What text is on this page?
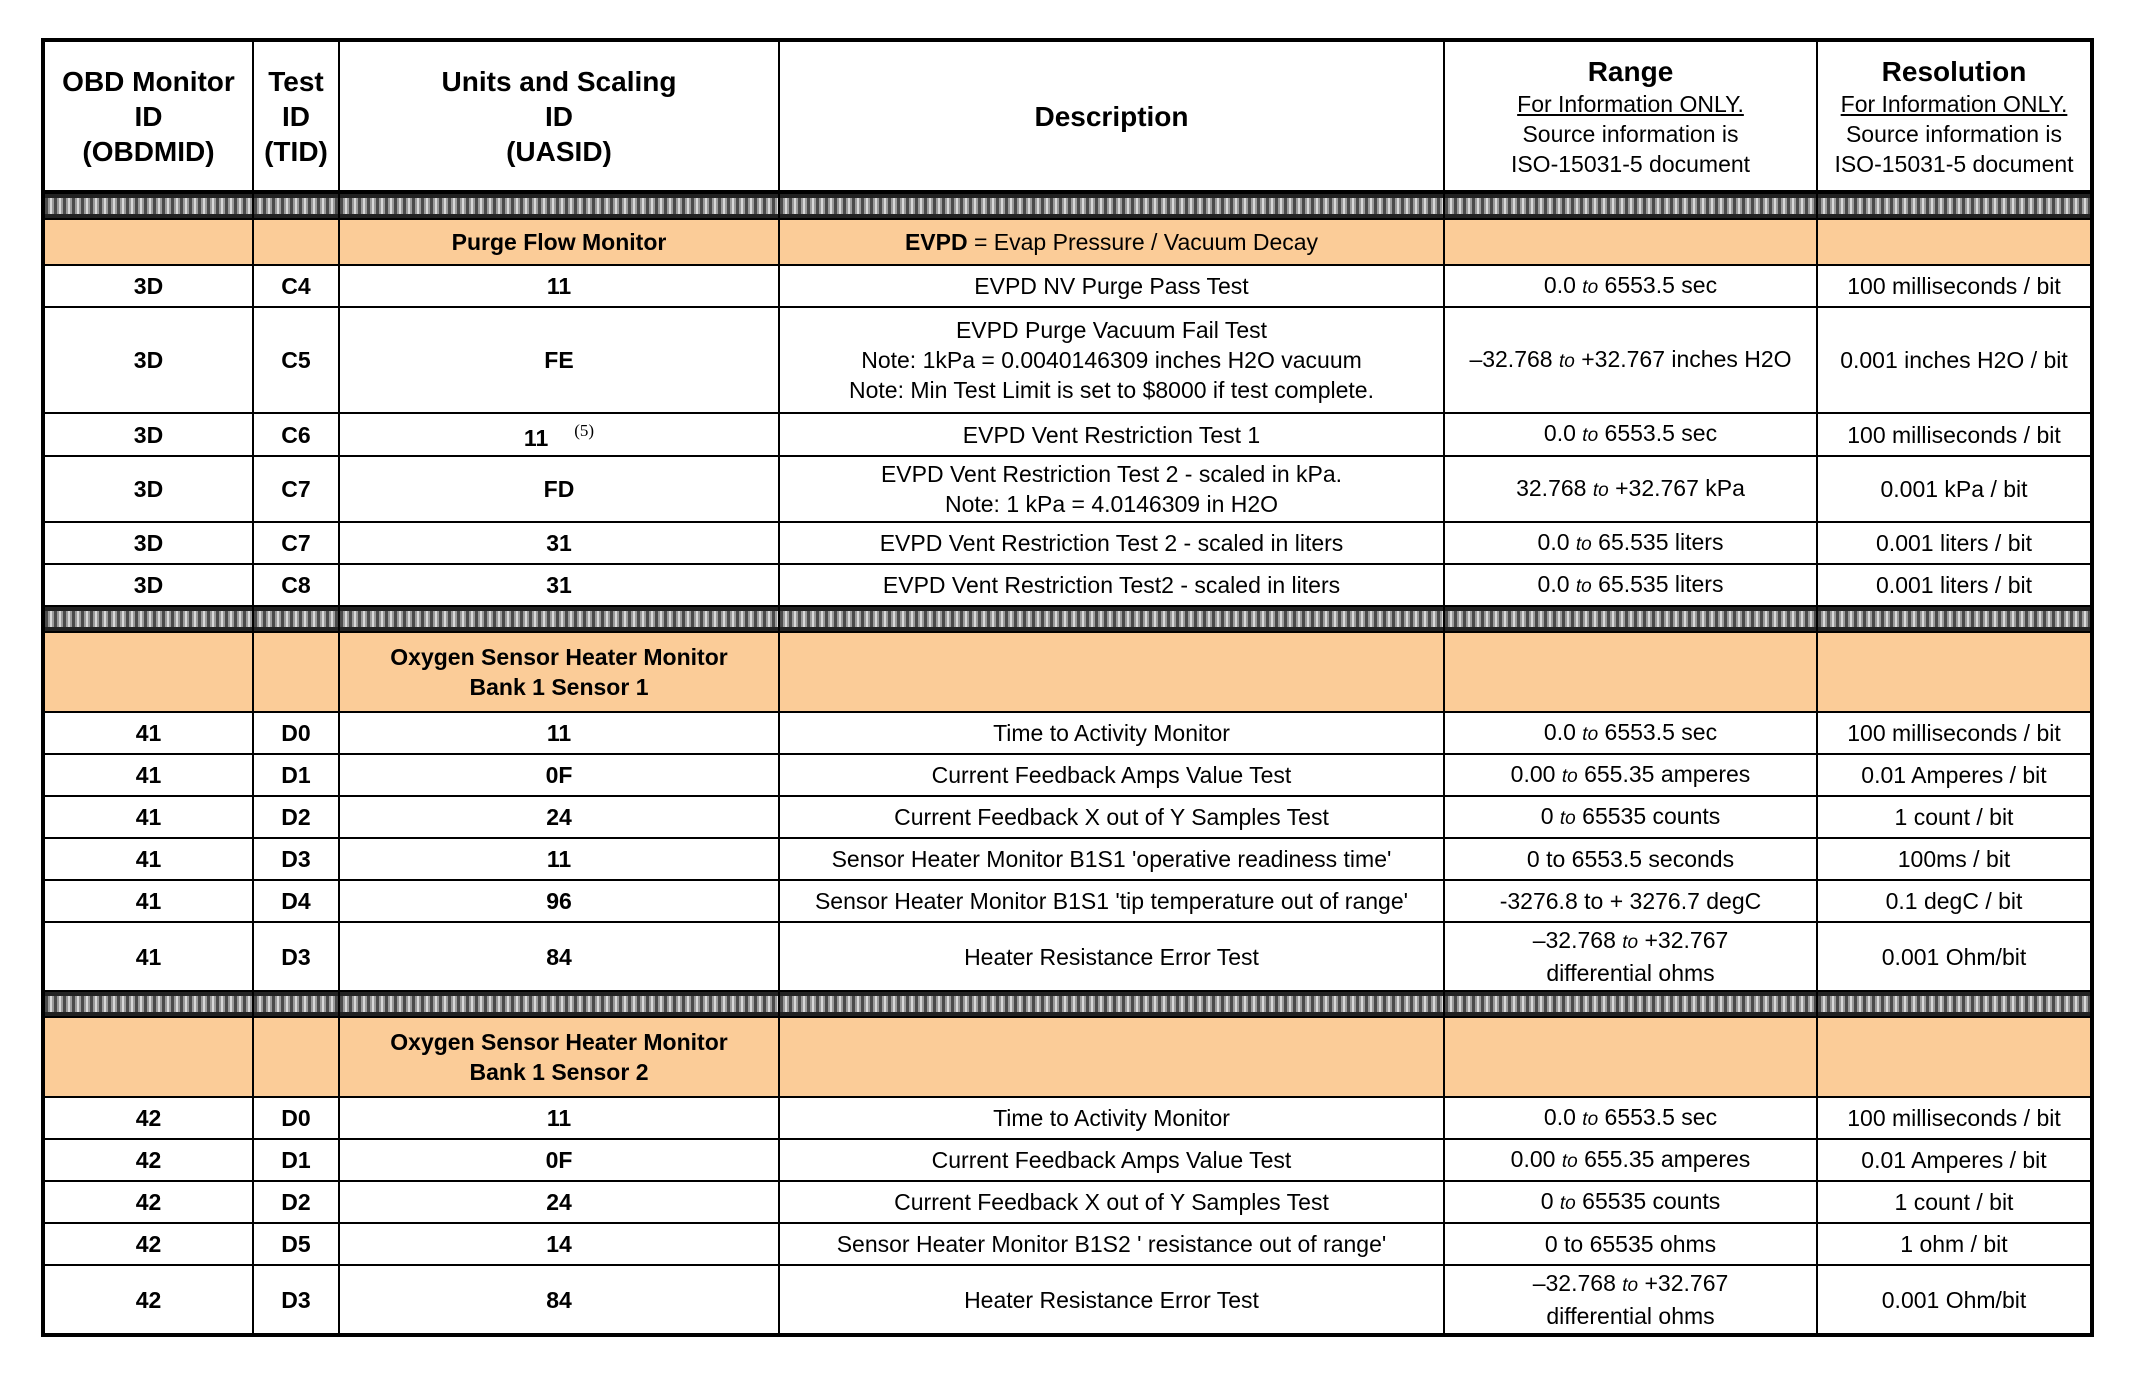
OBD Monitor
ID
(OBDMID)	Test
ID
(TID)	Units and Scaling
ID
(UASID)	Description	Range
For Information ONLY.
Source information is
ISO-15031-5 document	Resolution
For Information ONLY.
Source information is
ISO-15031-5 document

		Purge Flow Monitor	EVPD = Evap Pressure / Vacuum Decay		
3D	C4	11	EVPD NV Purge Pass Test	0.0 to 6553.5 sec	100 milliseconds / bit
3D	C5	FE	EVPD Purge Vacuum Fail Test
Note: 1kPa = 0.0040146309 inches H2O vacuum
Note: Min Test Limit is set to $8000 if test complete.	–32.768 to +32.767 inches H2O	0.001 inches H2O / bit
3D	C6	11 $^{(5)}$	EVPD Vent Restriction Test 1	0.0 to 6553.5 sec	100 milliseconds / bit
3D	C7	FD	EVPD Vent Restriction Test 2 - scaled in kPa.
Note: 1 kPa = 4.0146309 in H2O	32.768 to +32.767 kPa	0.001 kPa / bit
3D	C7	31	EVPD Vent Restriction Test 2 - scaled in liters	0.0 to 65.535 liters	0.001 liters / bit
3D	C8	31	EVPD Vent Restriction Test2 - scaled in liters	0.0 to 65.535 liters	0.001 liters / bit

		Oxygen Sensor Heater Monitor
Bank 1 Sensor 1			
41	D0	11	Time to Activity Monitor	0.0 to 6553.5 sec	100 milliseconds / bit
41	D1	0F	Current Feedback Amps Value Test	0.00 to 655.35 amperes	0.01 Amperes / bit
41	D2	24	Current Feedback X out of Y Samples Test	0 to 65535 counts	1 count / bit
41	D3	11	Sensor Heater Monitor B1S1 'operative readiness time'	0 to 6553.5 seconds	100ms / bit
41	D4	96	Sensor Heater Monitor B1S1 'tip temperature out of range'	-3276.8 to + 3276.7 degC	0.1 degC / bit
41	D3	84	Heater Resistance Error Test	–32.768 to +32.767
differential ohms	0.001 Ohm/bit

		Oxygen Sensor Heater Monitor
Bank 1 Sensor 2			
42	D0	11	Time to Activity Monitor	0.0 to 6553.5 sec	100 milliseconds / bit
42	D1	0F	Current Feedback Amps Value Test	0.00 to 655.35 amperes	0.01 Amperes / bit
42	D2	24	Current Feedback X out of Y Samples Test	0 to 65535 counts	1 count / bit
42	D5	14	Sensor Heater Monitor B1S2 ' resistance out of range'	0 to 65535 ohms	1 ohm / bit
42	D3	84	Heater Resistance Error Test	–32.768 to +32.767
differential ohms	0.001 Ohm/bit
